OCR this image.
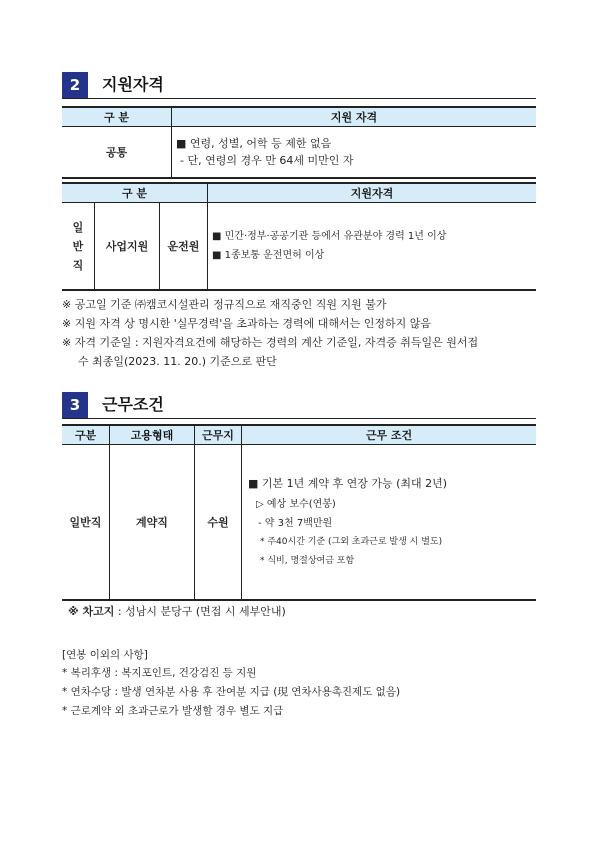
2	지원자격
구 분	지원 자격
공통	■ 연령, 성별, 어학 등 제한 없음
- 단, 연령의 경우 만 64세 미만인 자
구 분			지원자격

일
반
직	사업지원	운전원	■ 민간·정부·공공기관 등에서 유관분야 경력 1년 이상
■ 1종보통 운전면허 이상
※ 공고일 기준 ㈜캠코시설관리 정규직으로 재직중인 직원 지원 불가
※ 지원 자격 상 명시한 '실무경력'을 초과하는 경력에 대해서는 인정하지 않음
※ 자격 기준일 : 지원자격요건에 해당하는 경력의 계산 기준일, 자격증 취득일은 원서접
수 최종일(2023. 11. 20.) 기준으로 판단
3	근무조건
구분	고용형태	근무지	근무 조건
일반직	계약직	수원	■ 기본 1년 계약 후 연장 가능 (최대 2년)
▷ 예상 보수(연봉)
- 약 3천 7백만원
* 주40시간 기준 (그외 초과근로 발생 시 별도)
* 식비, 명절상여금 포함
※ 차고지 : 성남시 분당구 (면접 시 세부안내)
[연봉 이외의 사항]
* 복리후생 : 복지포인트, 건강검진 등 지원
* 연차수당 : 발생 연차분 사용 후 잔여분 지급 (現 연차사용촉진제도 없음)
* 근로계약 외 초과근로가 발생할 경우 별도 지급
